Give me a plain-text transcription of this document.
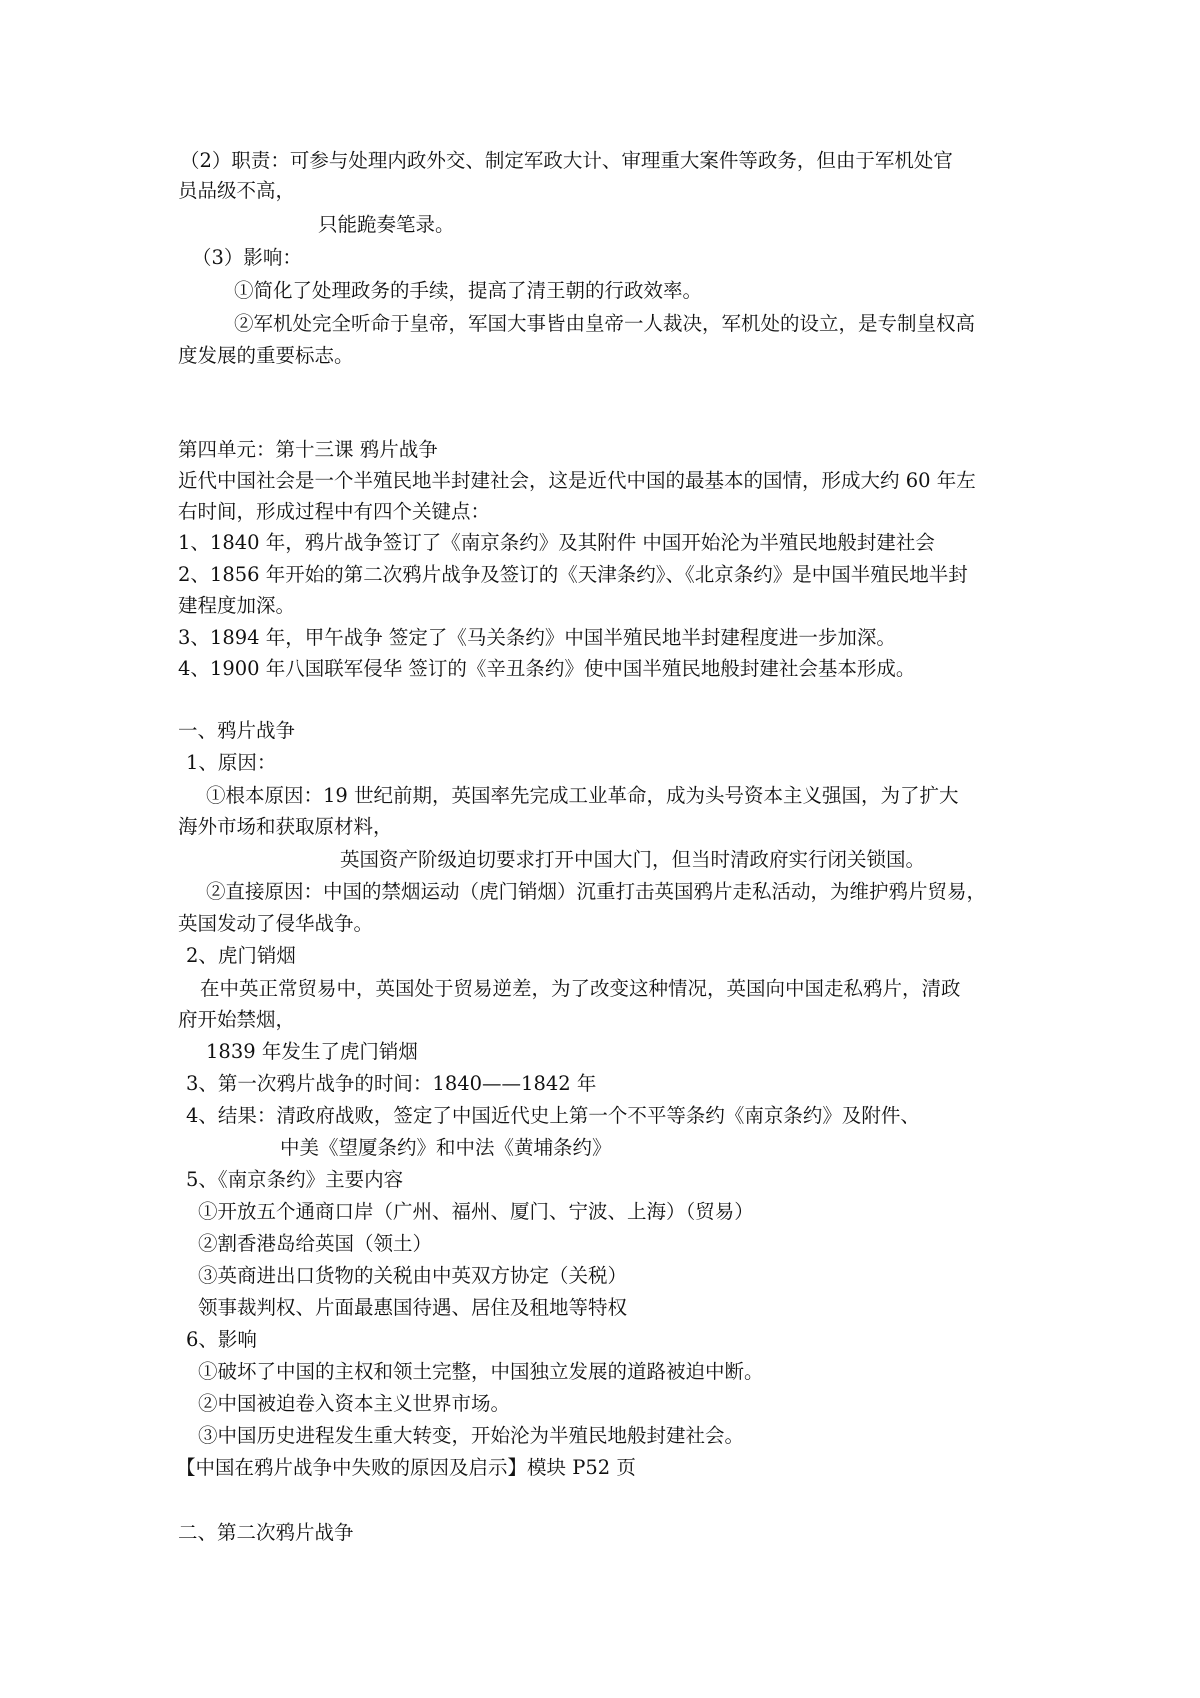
（2）职责：可参与处理内政外交、制定军政大计、审理重大案件等政务，但由于军机处官
员品级不高，
只能跪奏笔录。
（3）影响：
①简化了处理政务的手续，提高了清王朝的行政效率。
②军机处完全听命于皇帝，军国大事皆由皇帝一人裁决，军机处的设立，是专制皇权高
度发展的重要标志。
第四单元：第十三课 鸦片战争
近代中国社会是一个半殖民地半封建社会，这是近代中国的最基本的国情，形成大约 60 年左
右时间，形成过程中有四个关键点：
1、1840 年，鸦片战争签订了《南京条约》及其附件 中国开始沦为半殖民地般封建社会
2、1856 年开始的第二次鸦片战争及签订的《天津条约》、《北京条约》是中国半殖民地半封
建程度加深。
3、1894 年，甲午战争 签定了《马关条约》中国半殖民地半封建程度进一步加深。
4、1900 年八国联军侵华 签订的《辛丑条约》使中国半殖民地般封建社会基本形成。
一、鸦片战争
1、原因：
①根本原因：19 世纪前期，英国率先完成工业革命，成为头号资本主义强国，为了扩大
海外市场和获取原材料，
英国资产阶级迫切要求打开中国大门，但当时清政府实行闭关锁国。
②直接原因：中国的禁烟运动（虎门销烟）沉重打击英国鸦片走私活动，为维护鸦片贸易，
英国发动了侵华战争。
2、虎门销烟
在中英正常贸易中，英国处于贸易逆差，为了改变这种情况，英国向中国走私鸦片，清政
府开始禁烟，
1839 年发生了虎门销烟
3、第一次鸦片战争的时间：1840——1842 年
4、结果：清政府战败，签定了中国近代史上第一个不平等条约《南京条约》及附件、
中美《望厦条约》和中法《黄埔条约》
5、《南京条约》主要内容
①开放五个通商口岸（广州、福州、厦门、宁波、上海）（贸易）
②割香港岛给英国（领土）
③英商进出口货物的关税由中英双方协定（关税）
领事裁判权、片面最惠国待遇、居住及租地等特权
6、影响
①破坏了中国的主权和领土完整，中国独立发展的道路被迫中断。
②中国被迫卷入资本主义世界市场。
③中国历史进程发生重大转变，开始沦为半殖民地般封建社会。
【中国在鸦片战争中失败的原因及启示】模块 P52 页
二、第二次鸦片战争
